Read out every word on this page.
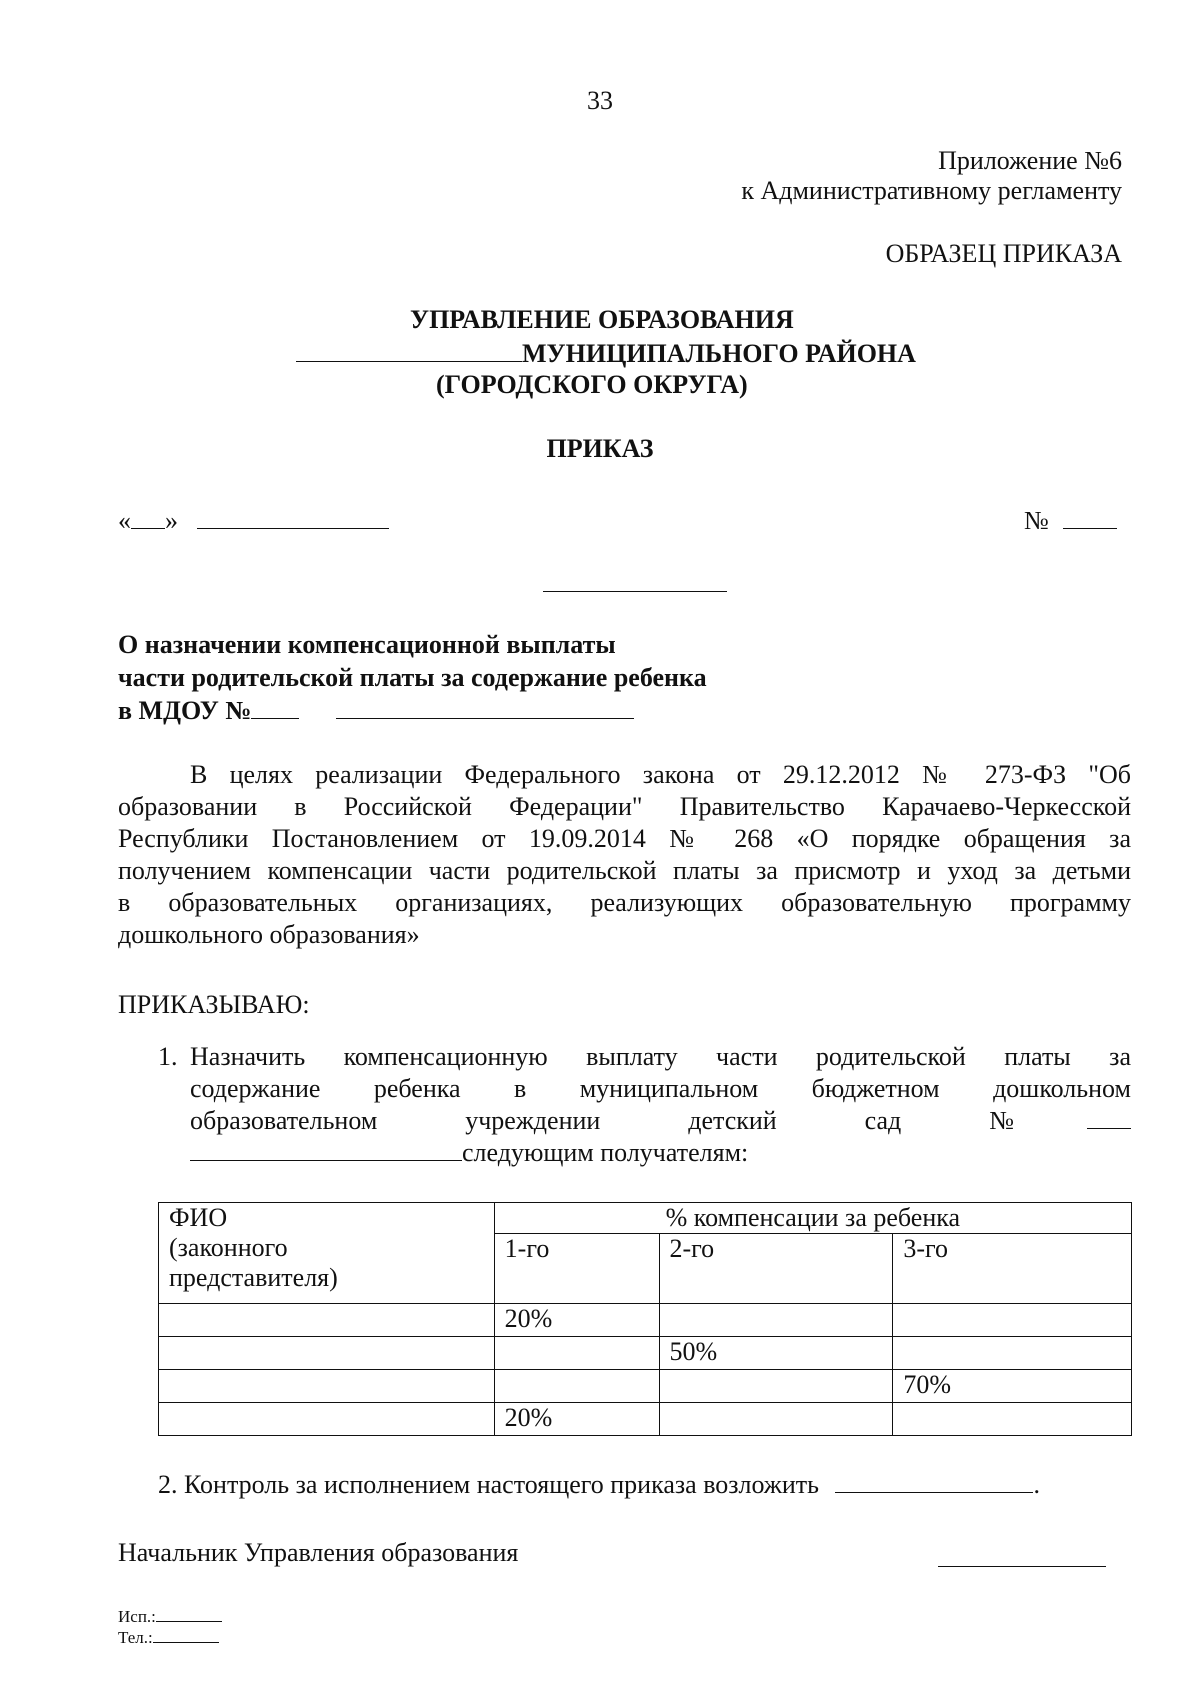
33
Приложение №6
к Административному регламенту
ОБРАЗЕЦ ПРИКАЗА
УПРАВЛЕНИЕ ОБРАЗОВАНИЯ
МУНИЦИПАЛЬНОГО РАЙОНА
(ГОРОДСКОГО ОКРУГА)
ПРИКАЗ
« »	№
О назначении компенсационной выплаты
части родительской платы за содержание ребенка
в МДОУ №
В целях реализации Федерального закона от 29.12.2012 № 273-ФЗ "Об
образовании в Российской Федерации" Правительство Карачаево-Черкесской
Республики Постановлением от 19.09.2014 № 268 «О порядке обращения за
получением компенсации части родительской платы за присмотр и уход за детьми
в образовательных организациях, реализующих образовательную программу
дошкольного образования»
ПРИКАЗЫВАЮ:
1. Назначить компенсационную выплату части родительской платы за
содержание ребенка в муниципальном бюджетном дошкольном
образовательном учреждении детский сад №
следующим получателям:
ФИО
(законного
представителя)	% компенсации за ребенка		
	1-го	2-го	3-го
	20%		
		50%	
			70%
	20%		
2. Контроль за исполнением настоящего приказа возложить	.
Начальник Управления образования
Исп.:
Тел.:
